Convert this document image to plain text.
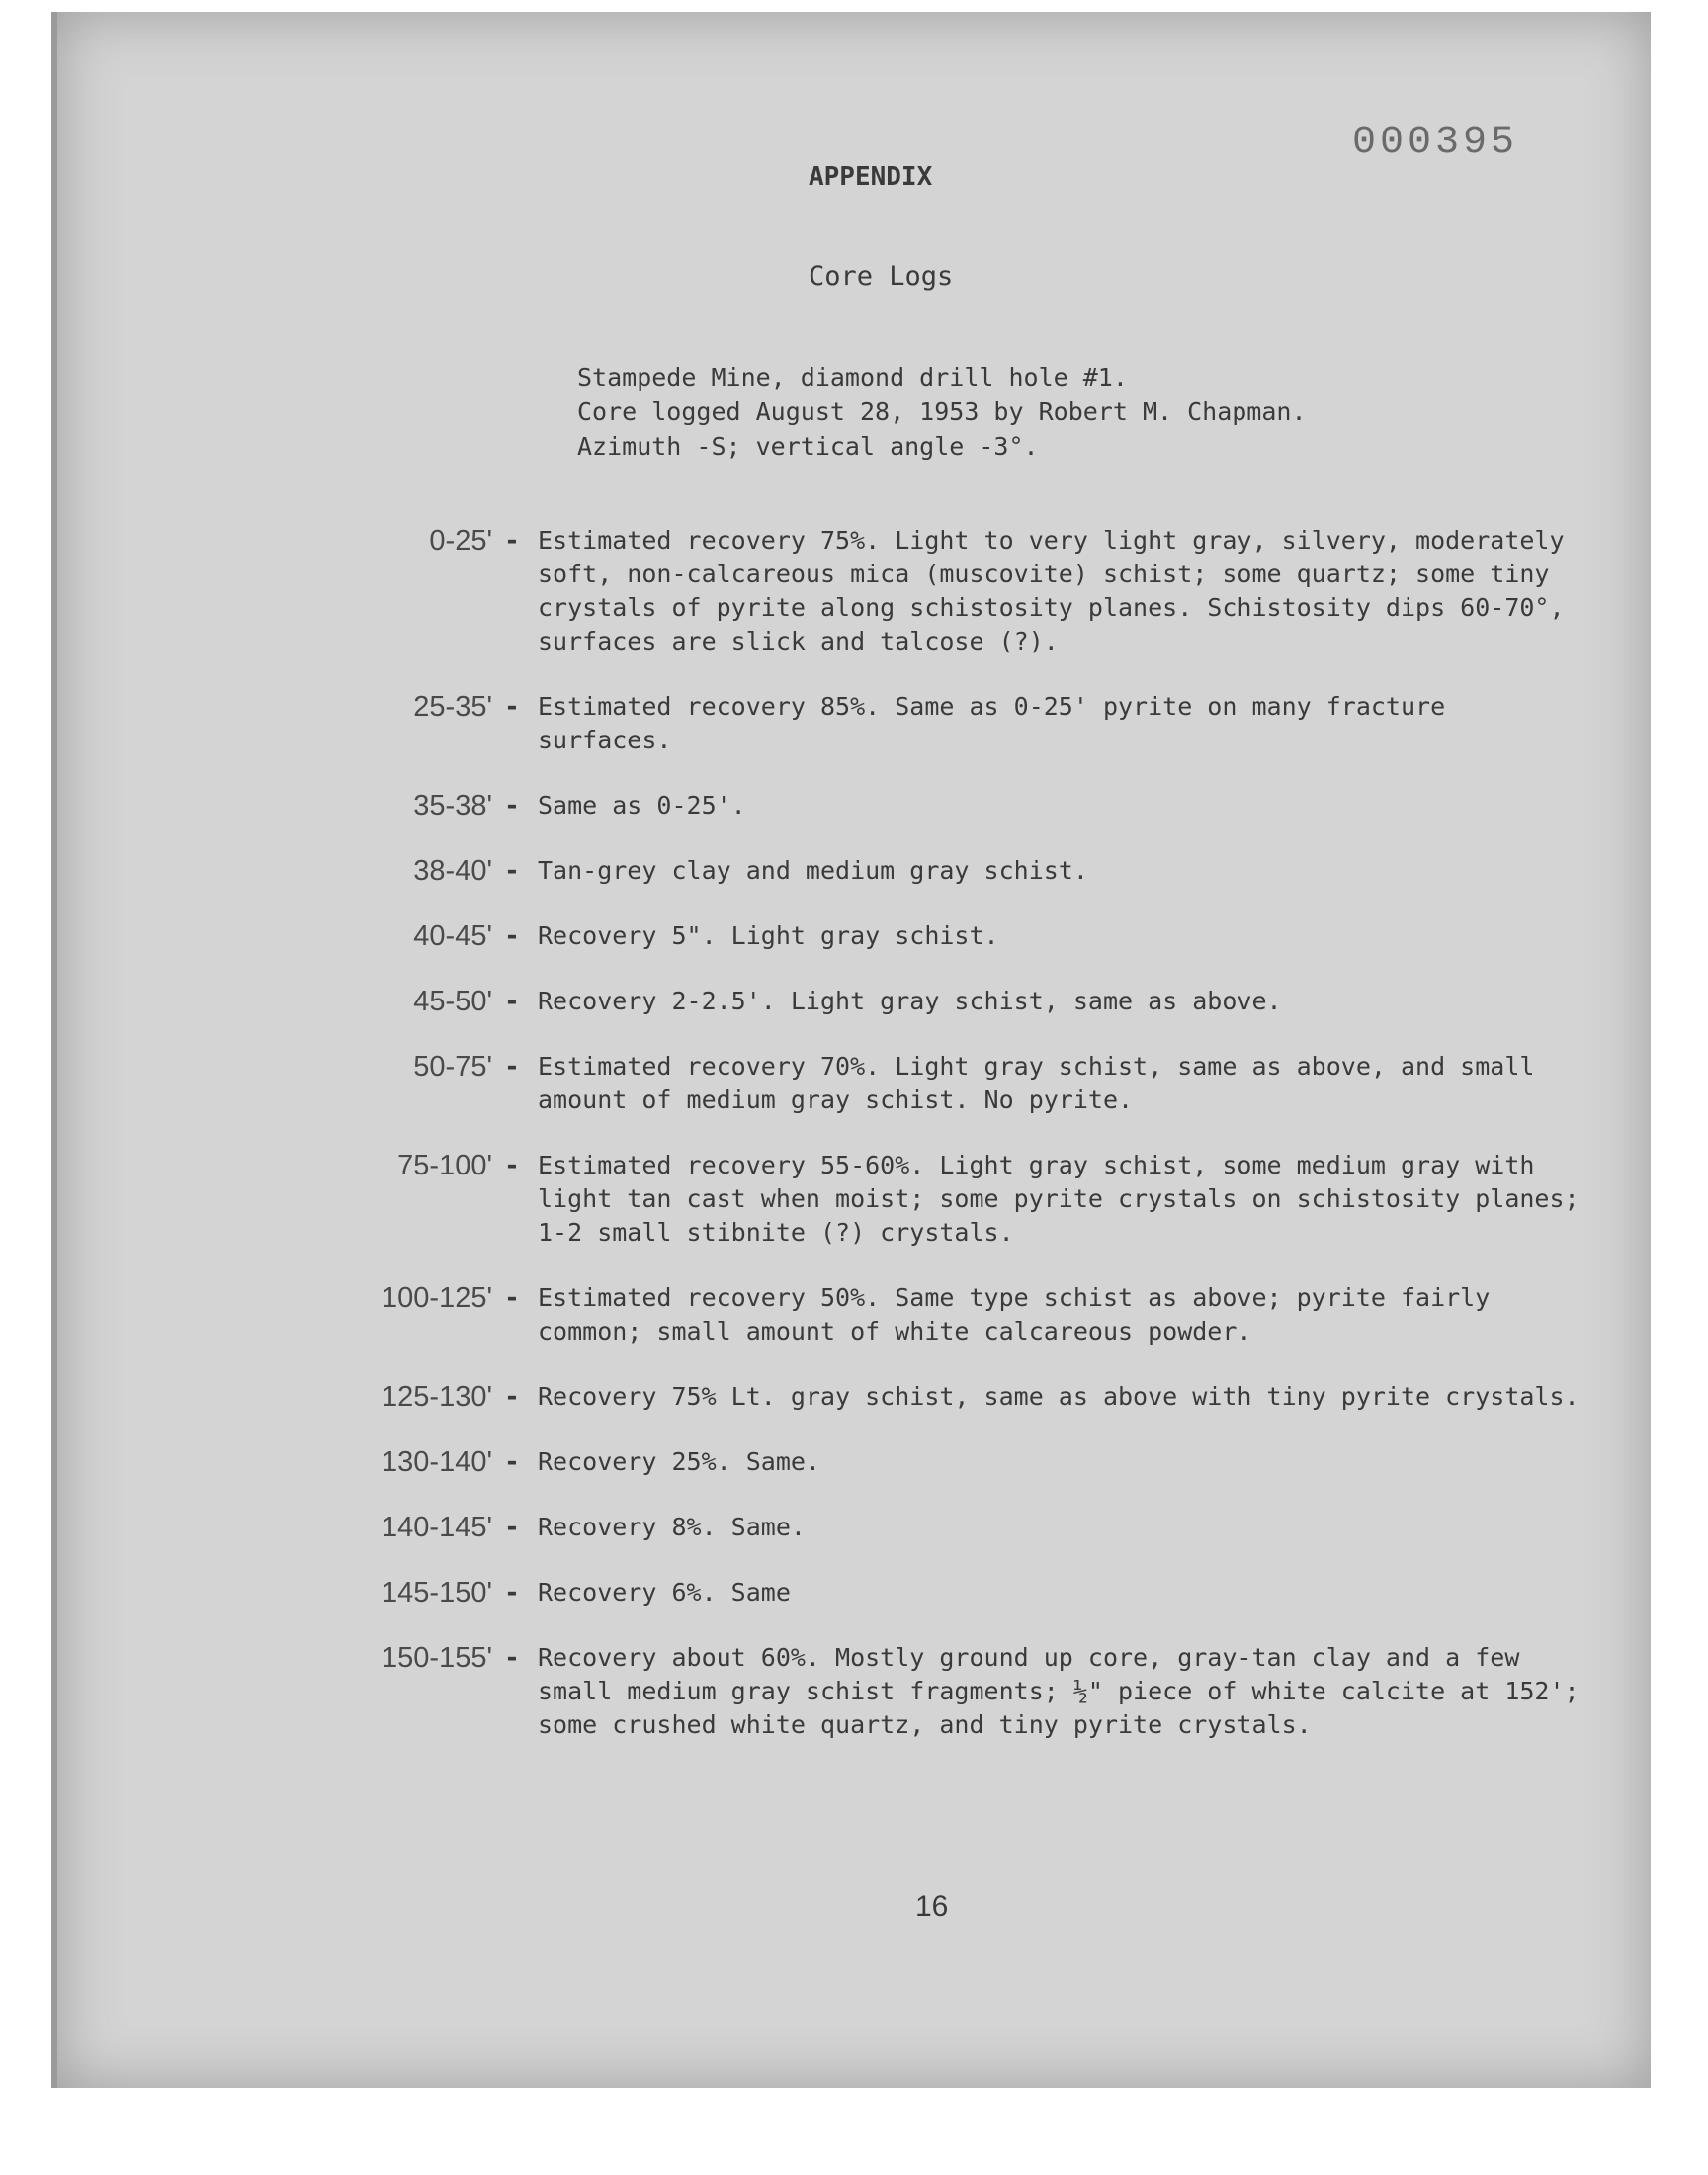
000395
APPENDIX
Core Logs
Stampede Mine, diamond drill hole #1.
Core logged August 28, 1953 by Robert M. Chapman.
Azimuth -S; vertical angle -3°.
0-25' - Estimated recovery 75%. Light to very light gray, silvery, moderately soft, non-calcareous mica (muscovite) schist; some quartz; some tiny crystals of pyrite along schistosity planes. Schistosity dips 60-70°, surfaces are slick and talcose (?).
25-35' - Estimated recovery 85%. Same as 0-25' pyrite on many fracture surfaces.
35-38' - Same as 0-25'.
38-40' - Tan-grey clay and medium gray schist.
40-45' - Recovery 5". Light gray schist.
45-50' - Recovery 2-2.5'. Light gray schist, same as above.
50-75' - Estimated recovery 70%. Light gray schist, same as above, and small amount of medium gray schist. No pyrite.
75-100' - Estimated recovery 55-60%. Light gray schist, some medium gray with light tan cast when moist; some pyrite crystals on schistosity planes; 1-2 small stibnite (?) crystals.
100-125' - Estimated recovery 50%. Same type schist as above; pyrite fairly common; small amount of white calcareous powder.
125-130' - Recovery 75% Lt. gray schist, same as above with tiny pyrite crystals.
130-140' - Recovery 25%. Same.
140-145' - Recovery 8%. Same.
145-150' - Recovery 6%. Same
150-155' - Recovery about 60%. Mostly ground up core, gray-tan clay and a few small medium gray schist fragments; ½" piece of white calcite at 152'; some crushed white quartz, and tiny pyrite crystals.
16
